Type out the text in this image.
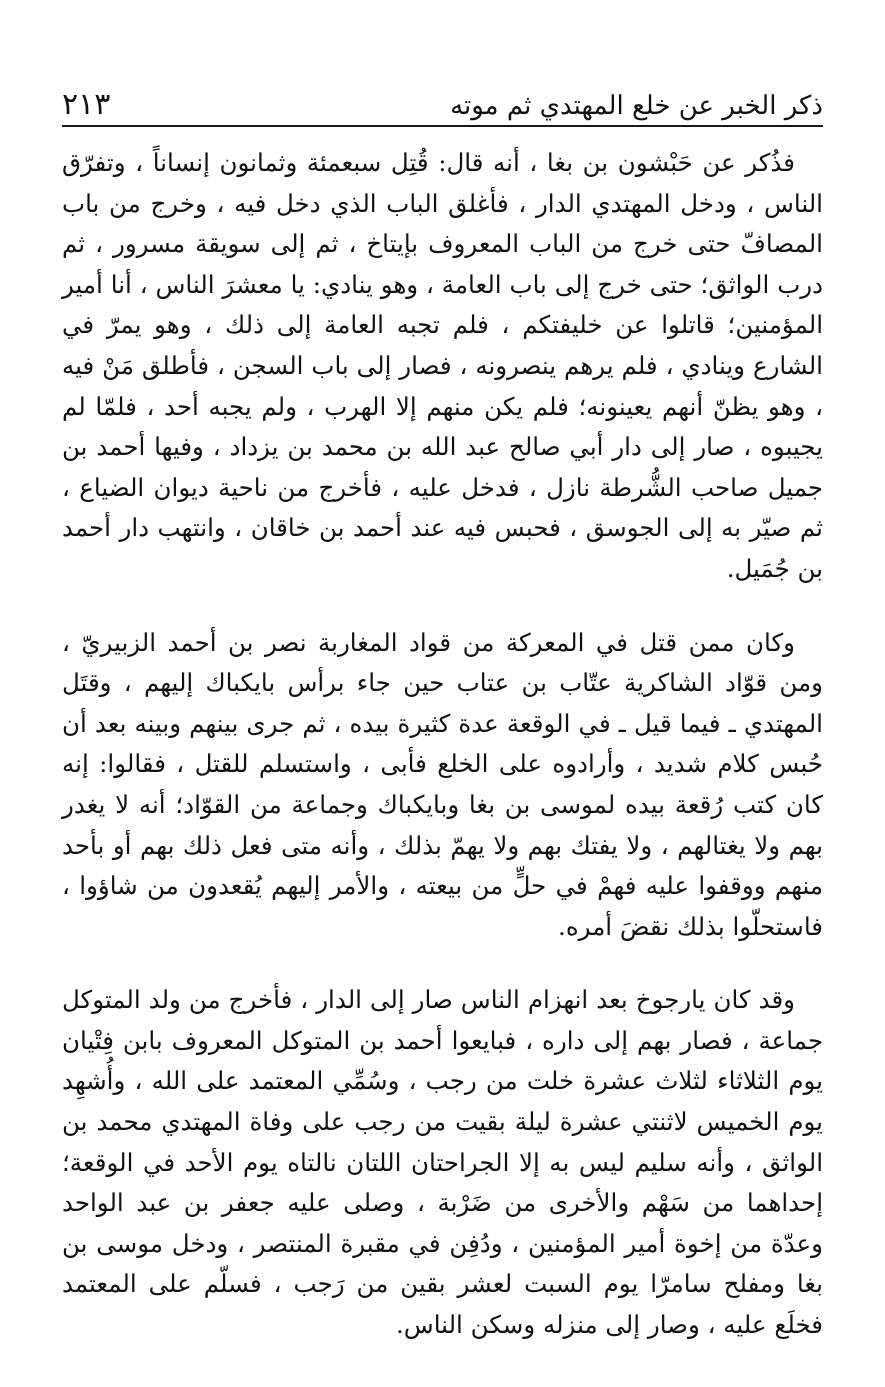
ذكر الخبر عن خلع المهتدي ثم موته
٢١٣

فذُكر عن حَبْشون بن بغا ، أنه قال: قُتِل سبعمئة وثمانون إنساناً ، وتفرّق الناس ، ودخل المهتدي الدار ، فأغلق الباب الذي دخل فيه ، وخرج من باب المصافّ حتى خرج من الباب المعروف بإيتاخ ، ثم إلى سويقة مسرور ، ثم درب الواثق؛ حتى خرج إلى باب العامة ، وهو ينادي: يا معشرَ الناس ، أنا أمير المؤمنين؛ قاتلوا عن خليفتكم ، فلم تجبه العامة إلى ذلك ، وهو يمرّ في الشارع وينادي ، فلم يرهم ينصرونه ، فصار إلى باب السجن ، فأطلق مَنْ فيه ، وهو يظنّ أنهم يعينونه؛ فلم يكن منهم إلا الهرب ، ولم يجبه أحد ، فلمّا لم يجيبوه ، صار إلى دار أبي صالح عبد الله بن محمد بن يزداد ، وفيها أحمد بن جميل صاحب الشُّرطة نازل ، فدخل عليه ، فأخرج من ناحية ديوان الضياع ، ثم صيّر به إلى الجوسق ، فحبس فيه عند أحمد بن خاقان ، وانتهب دار أحمد بن جُمَيل.

وكان ممن قتل في المعركة من قواد المغاربة نصر بن أحمد الزبيريّ ، ومن قوّاد الشاكرية عتّاب بن عتاب حين جاء برأس بايكباك إليهم ، وقتَل المهتدي ـ فيما قيل ـ في الوقعة عدة كثيرة بيده ، ثم جرى بينهم وبينه بعد أن حُبس كلام شديد ، وأرادوه على الخلع فأبى ، واستسلم للقتل ، فقالوا: إنه كان كتب رُقعة بيده لموسى بن بغا وبايكباك وجماعة من القوّاد؛ أنه لا يغدر بهم ولا يغتالهم ، ولا يفتك بهم ولا يهمّ بذلك ، وأنه متى فعل ذلك بهم أو بأحد منهم ووقفوا عليه فهمْ في حلٍّ من بيعته ، والأمر إليهم يُقعدون من شاؤوا ، فاستحلّوا بذلك نقضَ أمره.

وقد كان يارجوخ بعد انهزام الناس صار إلى الدار ، فأخرج من ولد المتوكل جماعة ، فصار بهم إلى داره ، فبايعوا أحمد بن المتوكل المعروف بابن فِتْيان يوم الثلاثاء لثلاث عشرة خلت من رجب ، وسُمِّي المعتمد على الله ، وأُشهِد يوم الخميس لاثنتي عشرة ليلة بقيت من رجب على وفاة المهتدي محمد بن الواثق ، وأنه سليم ليس به إلا الجراحتان اللتان نالتاه يوم الأحد في الوقعة؛ إحداهما من سَهْم والأخرى من ضَرْبة ، وصلى عليه جعفر بن عبد الواحد وعدّة من إخوة أمير المؤمنين ، ودُفِن في مقبرة المنتصر ، ودخل موسى بن بغا ومفلح سامرّا يوم السبت لعشر بقين من رَجب ، فسلّم على المعتمد فخلَع عليه ، وصار إلى منزله وسكن الناس.
